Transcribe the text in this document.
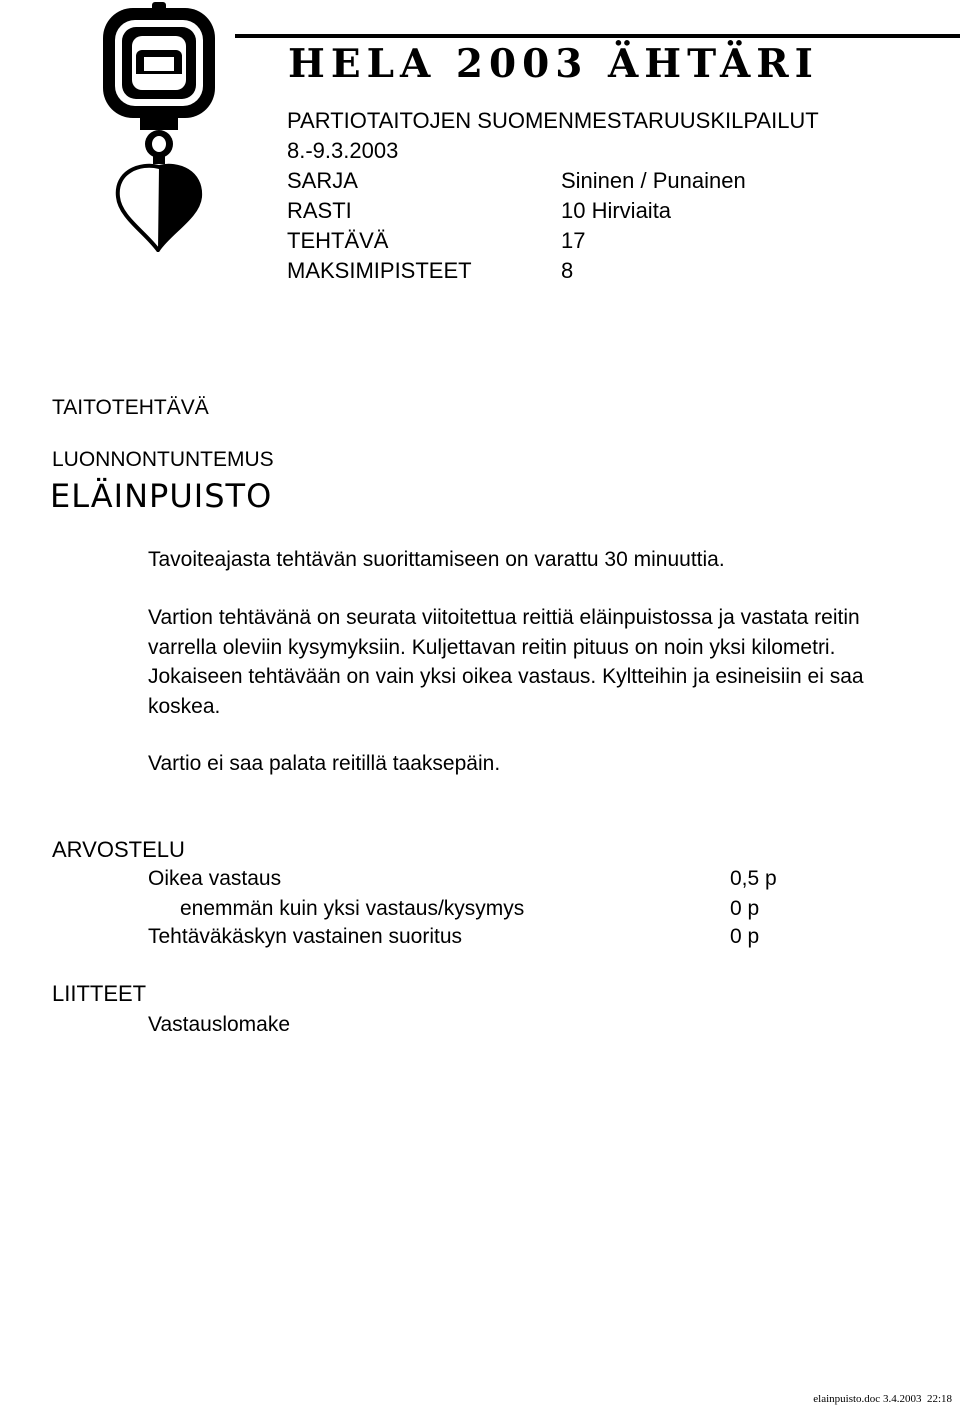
HELA 2003 ÄHTÄRI
PARTIOTAITOJEN SUOMENMESTARUUSKILPAILUT
8.-9.3.2003
SARJA	Sininen / Punainen
RASTI	10 Hirviaita
TEHTÄVÄ	17
MAKSIMIPISTEET	8
TAITOTEHTÄVÄ
LUONNONTUNTEMUS
ELÄINPUISTO
Tavoiteajasta tehtävän suorittamiseen on varattu 30 minuuttia.
Vartion tehtävänä on seurata viitoitettua reittiä eläinpuistossa ja vastata reitin varrella oleviin kysymyksiin. Kuljettavan reitin pituus on noin yksi kilometri. Jokaiseen tehtävään on vain yksi oikea vastaus. Kyltteihin ja esineisiin ei saa koskea.
Vartio ei saa palata reitillä taaksepäin.
ARVOSTELU
Oikea vastaus	0,5 p
enemmän kuin yksi vastaus/kysymys	0 p
Tehtäväkäskyn vastainen suoritus	0 p
LIITTEET
Vastauslomake
elainpuisto.doc 3.4.2003  22:18
